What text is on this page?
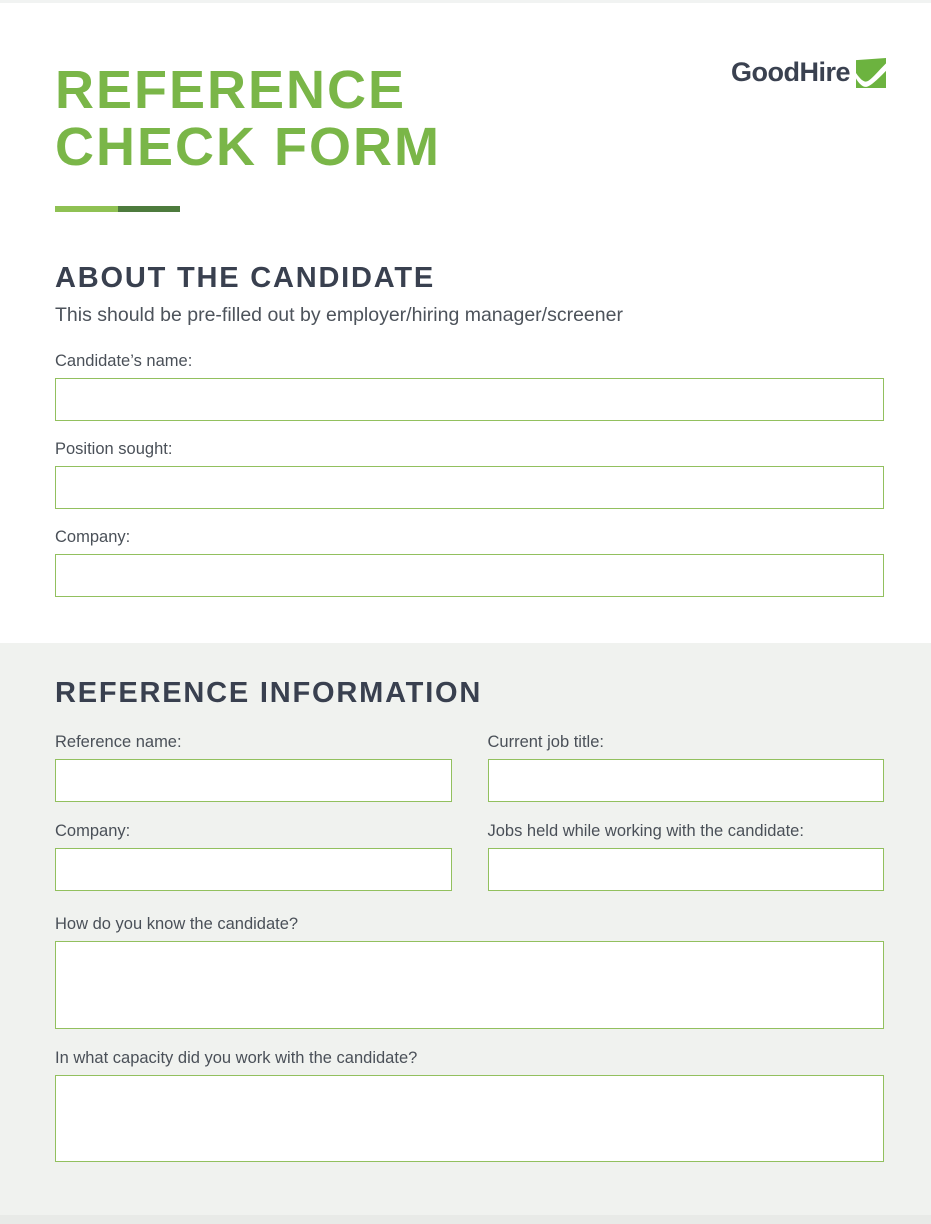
REFERENCE
CHECK FORM
GoodHire
ABOUT THE CANDIDATE

This should be pre-filled out by employer/hiring manager/screener

Candidate’s name:
Position sought:
Company:
REFERENCE INFORMATION
Reference name:	Current job title:
Company:	Jobs held while working with the candidate:
How do you know the candidate?
In what capacity did you work with the candidate?
